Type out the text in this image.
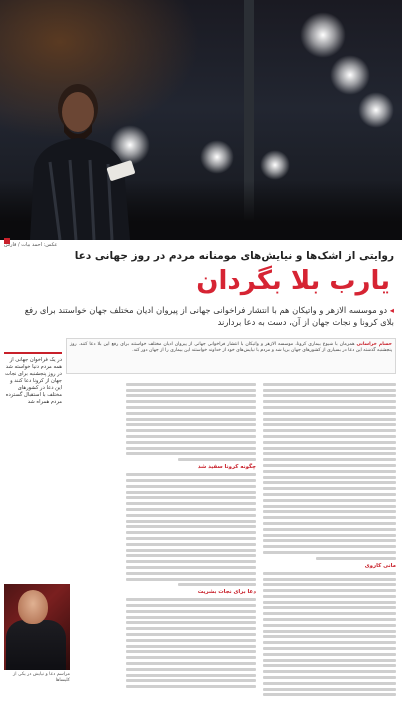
عکس: احمد بیات / فارس
روایتی از اشک‌ها و نیایش‌های مومنانه مردم در روز جهانی دعا
یارب بلا بگردان
◂ دو موسسه الازهر و واتیکان هم با انتشار فراخوانی جهانی از پیروان ادیان مختلف جهان خواستند برای رفع بلای کرونا و نجات جهان از آن، دست به دعا بردارند
حسام خراسانی همزمان با شیوع بیماری کرونا، موسسه الازهر و واتیکان با انتشار فراخوانی جهانی از پیروان ادیان مختلف خواستند برای رفع این بلا دعا کنند. روز پنجشنبه گذشته این دعا در بسیاری از کشورهای جهان برپا شد و مردم با نیایش‌های خود از خداوند خواستند این بیماری را از جهان دور کند.
در یک فراخوان جهانی از همه مردم دنیا خواسته شد در روز پنجشنبه برای نجات جهان از کرونا دعا کنند و این دعا در کشورهای مختلف با استقبال گسترده مردم همراه شد
مانی کاروی
چگونه کرونا سفید شد
دعا برای نجات بشریت
مراسم دعا و نیایش در یکی از کلیساها
